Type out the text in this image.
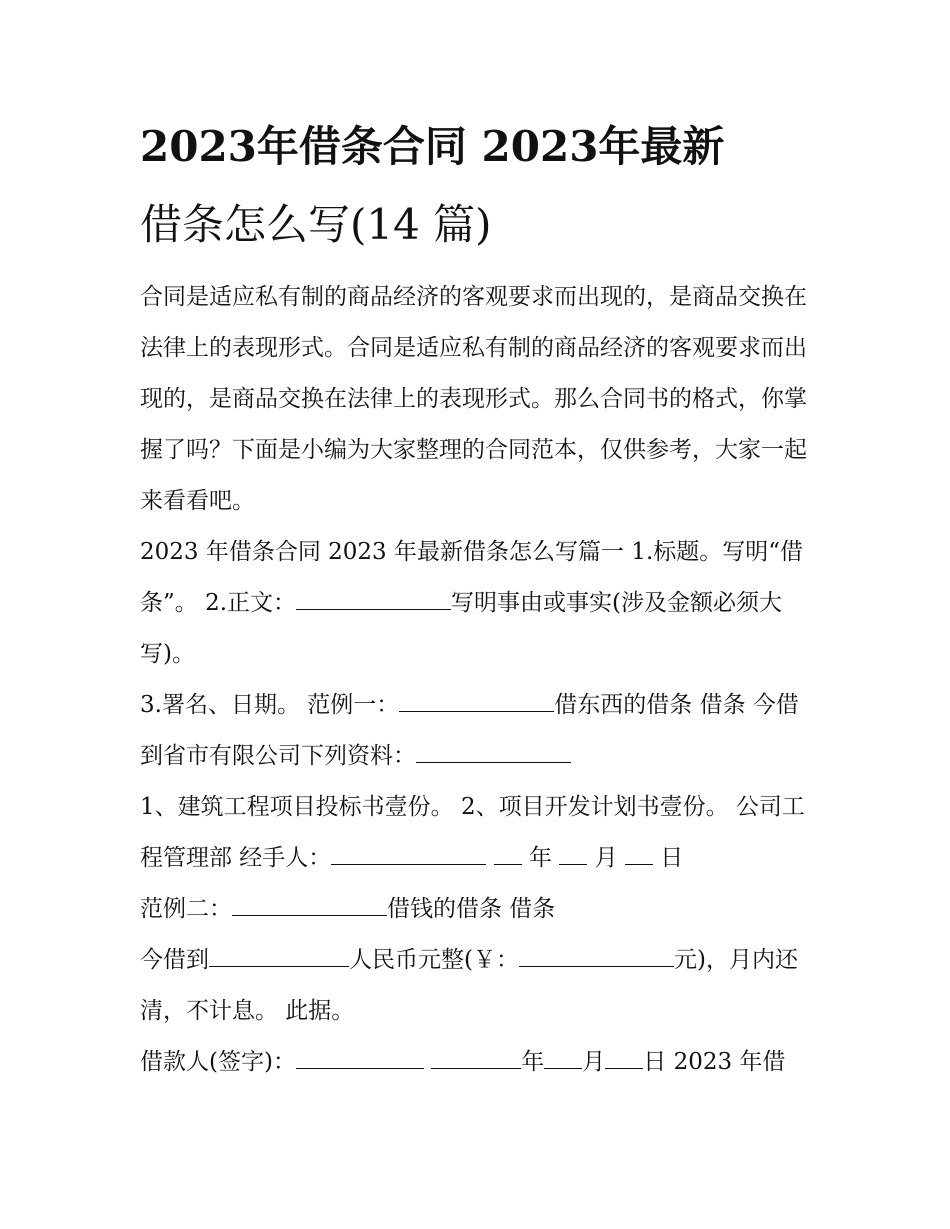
2023年借条合同 2023年最新
借条怎么写(14 篇)

合同是适应私有制的商品经济的客观要求而出现的，是商品交换在法律上的表现形式。合同是适应私有制的商品经济的客观要求而出现的，是商品交换在法律上的表现形式。那么合同书的格式，你掌握了吗？下面是小编为大家整理的合同范本，仅供参考，大家一起来看看吧。

2023 年借条合同 2023 年最新借条怎么写篇一 1.标题。写明“借条”。 2.正文：	写明事由或事实(涉及金额必须大写)。

3.署名、日期。 范例一：	借东西的借条 借条 今借到省市有限公司下列资料：

1、建筑工程项目投标书壹份。 2、项目开发计划书壹份。 公司工程管理部 经手人：	年 月 日

范例二：	借钱的借条 借条

今借到	人民币元整(￥：	元)，月内还清，不计息。 此据。

借款人(签字)：	年 月 日 2023 年借
